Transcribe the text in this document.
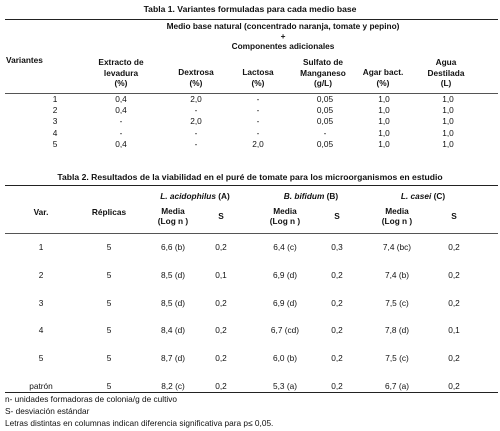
Tabla 1. Variantes formuladas para cada medio base
Variantes
Medio base natural (concentrado naranja, tomate y pepino)
+
Componentes adicionales
Extracto de
levadura
(%)
Dextrosa
(%)
Lactosa
(%)
Sulfato de
Manganeso
(g/L)
Agar bact.
(%)
Agua
Destilada
(L)
1	0,4	2,0	-	0,05	1,0	1,0
2	0,4	-	-	0,05	1,0	1,0
3	-	2,0	-	0,05	1,0	1,0
4	-	-	-	-	1,0	1,0
5	0,4	-	2,0	0,05	1,0	1,0
Tabla 2. Resultados de la viabilidad en el puré de tomate para los microorganismos en estudio
Var.	Réplicas
L. acidophilus (A)	B. bifidum (B)	L. casei (C)
Media
(Log n )	S	Media
(Log n )	S	Media
(Log n )	S
1	5	6,6 (b)	0,2	6,4 (c)	0,3	7,4 (bc)	0,2
2	5	8,5 (d)	0,1	6,9 (d)	0,2	7,4 (b)	0,2
3	5	8,5 (d)	0,2	6,9 (d)	0,2	7,5 (c)	0,2
4	5	8,4 (d)	0,2	6,7 (cd)	0,2	7,8 (d)	0,1
5	5	8,7 (d)	0,2	6,0 (b)	0,2	7,5 (c)	0,2
patrón	5	8,2 (c)	0,2	5,3 (a)	0,2	6,7 (a)	0,2
n- unidades formadoras de colonia/g de cultivo
S- desviación estándar
Letras distintas en columnas indican diferencia significativa para p≤ 0,05.
